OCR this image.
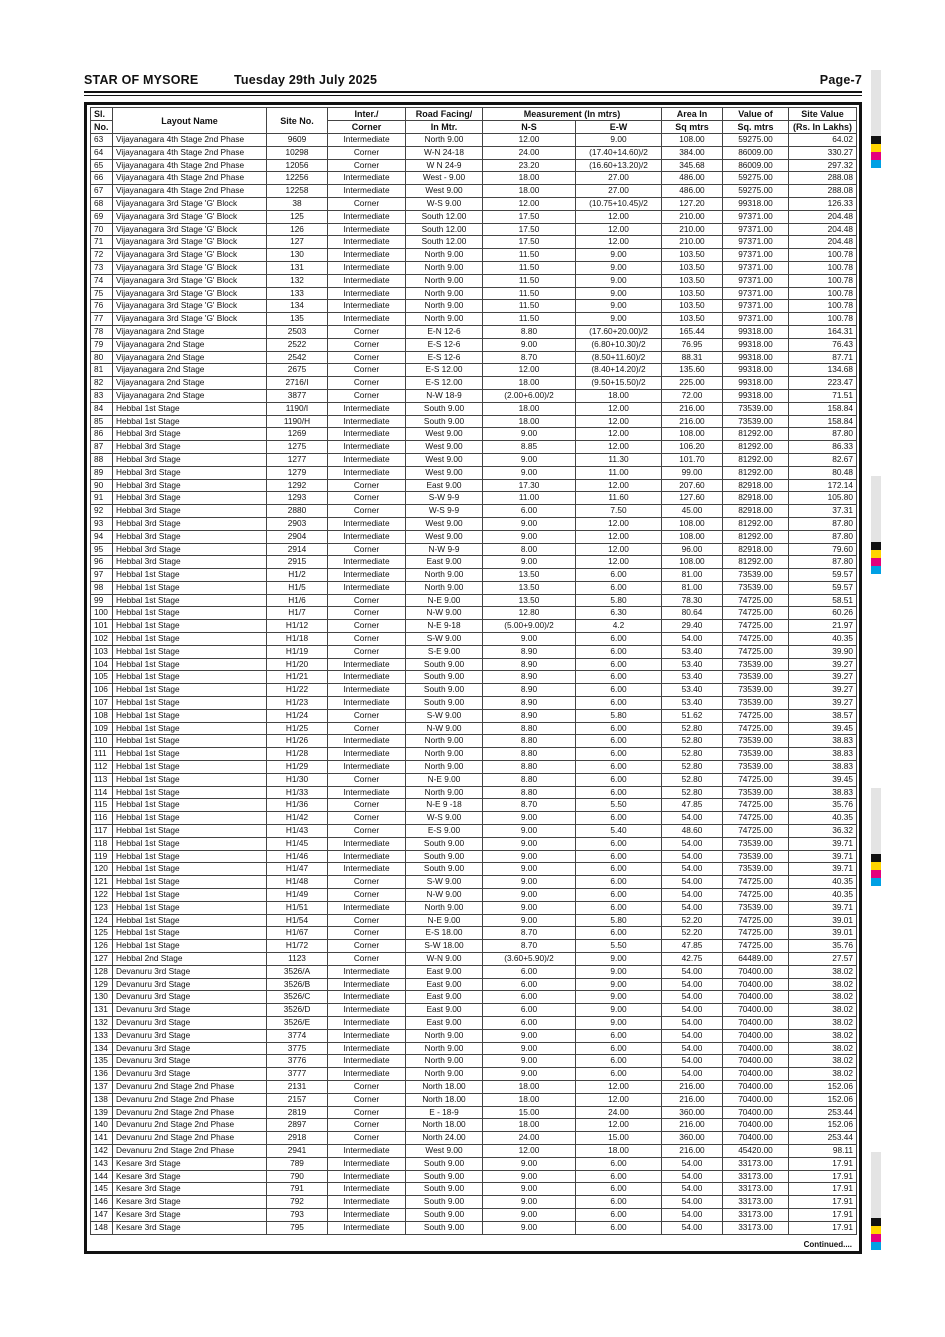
STAR OF MYSORE	Tuesday 29th July 2025	Page-7
Sl.	Layout Name	Site No.	Inter./	Road Facing/	Measurement (In mtrs)		Area In	Value of	Site Value
No.			Corner	In Mtr.	N-S	E-W	Sq mtrs	Sq. mtrs	(Rs. In Lakhs)
63	Vijayanagara 4th Stage 2nd Phase	9609	Intermediate	North 9.00	12.00	9.00	108.00	59275.00	64.02
64	Vijayanagara 4th Stage 2nd Phase	10298	Corner	W-N 24-18	24.00	(17.40+14.60)/2	384.00	86009.00	330.27
65	Vijayanagara 4th Stage 2nd Phase	12056	Corner	W N 24-9	23.20	(16.60+13.20)/2	345.68	86009.00	297.32
66	Vijayanagara 4th Stage 2nd Phase	12256	Intermediate	West - 9.00	18.00	27.00	486.00	59275.00	288.08
67	Vijayanagara 4th Stage 2nd Phase	12258	Intermediate	West 9.00	18.00	27.00	486.00	59275.00	288.08
68	Vijayanagara 3rd Stage 'G' Block	38	Corner	W-S 9.00	12.00	(10.75+10.45)/2	127.20	99318.00	126.33
69	Vijayanagara 3rd Stage 'G' Block	125	Intermediate	South 12.00	17.50	12.00	210.00	97371.00	204.48
70	Vijayanagara 3rd Stage 'G' Block	126	Intermediate	South 12.00	17.50	12.00	210.00	97371.00	204.48
71	Vijayanagara 3rd Stage 'G' Block	127	Intermediate	South 12.00	17.50	12.00	210.00	97371.00	204.48
72	Vijayanagara 3rd Stage 'G' Block	130	Intermediate	North 9.00	11.50	9.00	103.50	97371.00	100.78
73	Vijayanagara 3rd Stage 'G' Block	131	Intermediate	North 9.00	11.50	9.00	103.50	97371.00	100.78
74	Vijayanagara 3rd Stage 'G' Block	132	Intermediate	North 9.00	11.50	9.00	103.50	97371.00	100.78
75	Vijayanagara 3rd Stage 'G' Block	133	Intermediate	North 9.00	11.50	9.00	103.50	97371.00	100.78
76	Vijayanagara 3rd Stage 'G' Block	134	Intermediate	North 9.00	11.50	9.00	103.50	97371.00	100.78
77	Vijayanagara 3rd Stage 'G' Block	135	Intermediate	North 9.00	11.50	9.00	103.50	97371.00	100.78
78	Vijayanagara 2nd Stage	2503	Corner	E-N 12-6	8.80	(17.60+20.00)/2	165.44	99318.00	164.31
79	Vijayanagara 2nd Stage	2522	Corner	E-S 12-6	9.00	(6.80+10.30)/2	76.95	99318.00	76.43
80	Vijayanagara 2nd Stage	2542	Corner	E-S 12-6	8.70	(8.50+11.60)/2	88.31	99318.00	87.71
81	Vijayanagara 2nd Stage	2675	Corner	E-S 12.00	12.00	(8.40+14.20)/2	135.60	99318.00	134.68
82	Vijayanagara 2nd Stage	2716/I	Corner	E-S 12.00	18.00	(9.50+15.50)/2	225.00	99318.00	223.47
83	Vijayanagara 2nd Stage	3877	Corner	N-W 18-9	(2.00+6.00)/2	18.00	72.00	99318.00	71.51
84	Hebbal 1st Stage	1190/I	Intermediate	South 9.00	18.00	12.00	216.00	73539.00	158.84
85	Hebbal 1st Stage	1190/H	Intermediate	South 9.00	18.00	12.00	216.00	73539.00	158.84
86	Hebbal 3rd Stage	1269	Intermediate	West 9.00	9.00	12.00	108.00	81292.00	87.80
87	Hebbal 3rd Stage	1275	Intermediate	West 9.00	8.85	12.00	106.20	81292.00	86.33
88	Hebbal 3rd Stage	1277	Intermediate	West 9.00	9.00	11.30	101.70	81292.00	82.67
89	Hebbal 3rd Stage	1279	Intermediate	West 9.00	9.00	11.00	99.00	81292.00	80.48
90	Hebbal 3rd Stage	1292	Corner	East 9.00	17.30	12.00	207.60	82918.00	172.14
91	Hebbal 3rd Stage	1293	Corner	S-W 9-9	11.00	11.60	127.60	82918.00	105.80
92	Hebbal 3rd Stage	2880	Corner	W-S 9-9	6.00	7.50	45.00	82918.00	37.31
93	Hebbal 3rd Stage	2903	Intermediate	West 9.00	9.00	12.00	108.00	81292.00	87.80
94	Hebbal 3rd Stage	2904	Intermediate	West 9.00	9.00	12.00	108.00	81292.00	87.80
95	Hebbal 3rd Stage	2914	Corner	N-W 9-9	8.00	12.00	96.00	82918.00	79.60
96	Hebbal 3rd Stage	2915	Intermediate	East 9.00	9.00	12.00	108.00	81292.00	87.80
97	Hebbal 1st Stage	H1/2	Intermediate	North 9.00	13.50	6.00	81.00	73539.00	59.57
98	Hebbal 1st Stage	H1/5	Intermediate	North 9.00	13.50	6.00	81.00	73539.00	59.57
99	Hebbal 1st Stage	H1/6	Corner	N-E 9.00	13.50	5.80	78.30	74725.00	58.51
100	Hebbal 1st Stage	H1/7	Corner	N-W 9.00	12.80	6.30	80.64	74725.00	60.26
101	Hebbal 1st Stage	H1/12	Corner	N-E 9-18	(5.00+9.00)/2	4.2	29.40	74725.00	21.97
102	Hebbal 1st Stage	H1/18	Corner	S-W 9.00	9.00	6.00	54.00	74725.00	40.35
103	Hebbal 1st Stage	H1/19	Corner	S-E 9.00	8.90	6.00	53.40	74725.00	39.90
104	Hebbal 1st Stage	H1/20	Intermediate	South 9.00	8.90	6.00	53.40	73539.00	39.27
105	Hebbal 1st Stage	H1/21	Intermediate	South 9.00	8.90	6.00	53.40	73539.00	39.27
106	Hebbal 1st Stage	H1/22	Intermediate	South 9.00	8.90	6.00	53.40	73539.00	39.27
107	Hebbal 1st Stage	H1/23	Intermediate	South 9.00	8.90	6.00	53.40	73539.00	39.27
108	Hebbal 1st Stage	H1/24	Corner	S-W 9.00	8.90	5.80	51.62	74725.00	38.57
109	Hebbal 1st Stage	H1/25	Corner	N-W 9.00	8.80	6.00	52.80	74725.00	39.45
110	Hebbal 1st Stage	H1/26	Intermediate	North 9.00	8.80	6.00	52.80	73539.00	38.83
111	Hebbal 1st Stage	H1/28	Intermediate	North 9.00	8.80	6.00	52.80	73539.00	38.83
112	Hebbal 1st Stage	H1/29	Intermediate	North 9.00	8.80	6.00	52.80	73539.00	38.83
113	Hebbal 1st Stage	H1/30	Corner	N-E 9.00	8.80	6.00	52.80	74725.00	39.45
114	Hebbal 1st Stage	H1/33	Intermediate	North 9.00	8.80	6.00	52.80	73539.00	38.83
115	Hebbal 1st Stage	H1/36	Corner	N-E 9 -18	8.70	5.50	47.85	74725.00	35.76
116	Hebbal 1st Stage	H1/42	Corner	W-S 9.00	9.00	6.00	54.00	74725.00	40.35
117	Hebbal 1st Stage	H1/43	Corner	E-S 9.00	9.00	5.40	48.60	74725.00	36.32
118	Hebbal 1st Stage	H1/45	Intermediate	South 9.00	9.00	6.00	54.00	73539.00	39.71
119	Hebbal 1st Stage	H1/46	Intermediate	South 9.00	9.00	6.00	54.00	73539.00	39.71
120	Hebbal 1st Stage	H1/47	Intermediate	South 9.00	9.00	6.00	54.00	73539.00	39.71
121	Hebbal 1st Stage	H1/48	Corner	S-W 9.00	9.00	6.00	54.00	74725.00	40.35
122	Hebbal 1st Stage	H1/49	Corner	N-W 9.00	9.00	6.00	54.00	74725.00	40.35
123	Hebbal 1st Stage	H1/51	Intermediate	North 9.00	9.00	6.00	54.00	73539.00	39.71
124	Hebbal 1st Stage	H1/54	Corner	N-E 9.00	9.00	5.80	52.20	74725.00	39.01
125	Hebbal 1st Stage	H1/67	Corner	E-S 18.00	8.70	6.00	52.20	74725.00	39.01
126	Hebbal 1st Stage	H1/72	Corner	S-W 18.00	8.70	5.50	47.85	74725.00	35.76
127	Hebbal 2nd Stage	1123	Corner	W-N 9.00	(3.60+5.90)/2	9.00	42.75	64489.00	27.57
128	Devanuru 3rd Stage	3526/A	Intermediate	East 9.00	6.00	9.00	54.00	70400.00	38.02
129	Devanuru 3rd Stage	3526/B	Intermediate	East 9.00	6.00	9.00	54.00	70400.00	38.02
130	Devanuru 3rd Stage	3526/C	Intermediate	East 9.00	6.00	9.00	54.00	70400.00	38.02
131	Devanuru 3rd Stage	3526/D	Intermediate	East 9.00	6.00	9.00	54.00	70400.00	38.02
132	Devanuru 3rd Stage	3526/E	Intermediate	East 9.00	6.00	9.00	54.00	70400.00	38.02
133	Devanuru 3rd Stage	3774	Intermediate	North 9.00	9.00	6.00	54.00	70400.00	38.02
134	Devanuru 3rd Stage	3775	Intermediate	North 9.00	9.00	6.00	54.00	70400.00	38.02
135	Devanuru 3rd Stage	3776	Intermediate	North 9.00	9.00	6.00	54.00	70400.00	38.02
136	Devanuru 3rd Stage	3777	Intermediate	North 9.00	9.00	6.00	54.00	70400.00	38.02
137	Devanuru 2nd Stage 2nd Phase	2131	Corner	North 18.00	18.00	12.00	216.00	70400.00	152.06
138	Devanuru 2nd Stage 2nd Phase	2157	Corner	North 18.00	18.00	12.00	216.00	70400.00	152.06
139	Devanuru 2nd Stage 2nd Phase	2819	Corner	E - 18-9	15.00	24.00	360.00	70400.00	253.44
140	Devanuru 2nd Stage 2nd Phase	2897	Corner	North 18.00	18.00	12.00	216.00	70400.00	152.06
141	Devanuru 2nd Stage 2nd Phase	2918	Corner	North 24.00	24.00	15.00	360.00	70400.00	253.44
142	Devanuru 2nd Stage 2nd Phase	2941	Intermediate	West 9.00	12.00	18.00	216.00	45420.00	98.11
143	Kesare 3rd Stage	789	Intermediate	South 9.00	9.00	6.00	54.00	33173.00	17.91
144	Kesare 3rd Stage	790	Intermediate	South 9.00	9.00	6.00	54.00	33173.00	17.91
145	Kesare 3rd Stage	791	Intermediate	South 9.00	9.00	6.00	54.00	33173.00	17.91
146	Kesare 3rd Stage	792	Intermediate	South 9.00	9.00	6.00	54.00	33173.00	17.91
147	Kesare 3rd Stage	793	Intermediate	South 9.00	9.00	6.00	54.00	33173.00	17.91
148	Kesare 3rd Stage	795	Intermediate	South 9.00	9.00	6.00	54.00	33173.00	17.91
Continued....
